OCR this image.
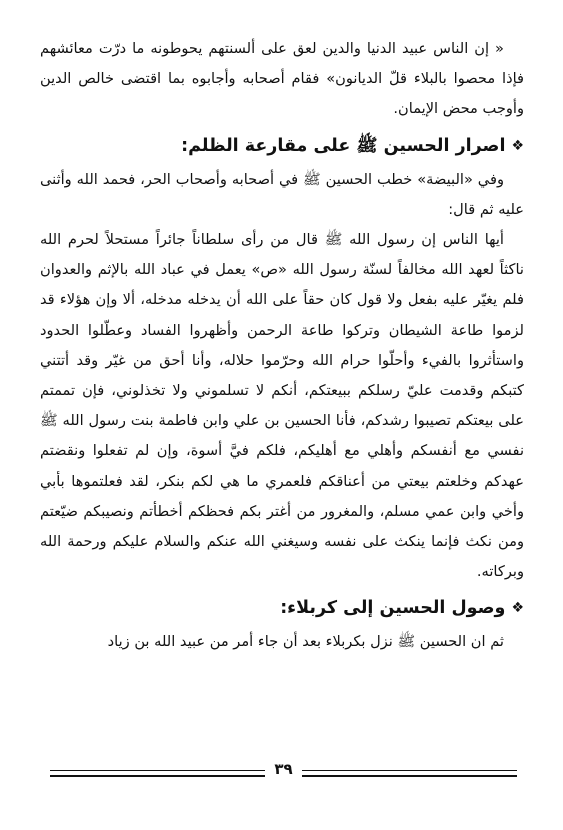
« إن الناس عبيد الدنيا والدين لعق على ألسنتهم يحوطونه ما درّت معائشهم فإذا محصوا بالبلاء قلّ الديانون» فقام أصحابه وأجابوه بما اقتضى خالص الدين وأوجب محض الإيمان.

❖
اصرار الحسين ﷺ على مقارعة الظلم:

وفي «البيضة» خطب الحسين ﷺ في أصحابه وأصحاب الحر، فحمد الله وأثنى عليه ثم قال:

أيها الناس إن رسول الله ﷺ قال من رأى سلطاناً جائراً مستحلاً لحرم الله ناكثاً لعهد الله مخالفاً لسنّة رسول الله «ص» يعمل في عباد الله بالإثم والعدوان فلم يغيّر عليه بفعل ولا قول كان حقاً على الله أن يدخله مدخله، ألا وإن هؤلاء قد لزموا طاعة الشيطان وتركوا طاعة الرحمن وأظهروا الفساد وعطّلوا الحدود واستأثروا بالفيء وأحلّوا حرام الله وحرّموا حلاله، وأنا أحق من غيّر وقد أتتني كتبكم وقدمت عليّ رسلكم ببيعتكم، أنكم لا تسلموني ولا تخذلوني، فإن تممتم على بيعتكم تصيبوا رشدكم، فأنا الحسين بن علي وابن فاطمة بنت رسول الله ﷺ نفسي مع أنفسكم وأهلي مع أهليكم، فلكم فيَّ أسوة، وإن لم تفعلوا ونقضتم عهدكم وخلعتم بيعتي من أعناقكم فلعمري ما هي لكم بنكر، لقد فعلتموها بأبي وأخي وابن عمي مسلم، والمغرور من أغتر بكم فحظكم أخطأتم ونصيبكم ضيّعتم ومن نكث فإنما ينكث على نفسه وسيغني الله عنكم والسلام عليكم ورحمة الله وبركاته.

❖
وصول الحسين إلى كربلاء:

ثم ان الحسين ﷺ نزل بكربلاء بعد أن جاء أمر من عبيد الله بن زياد

٣٩
